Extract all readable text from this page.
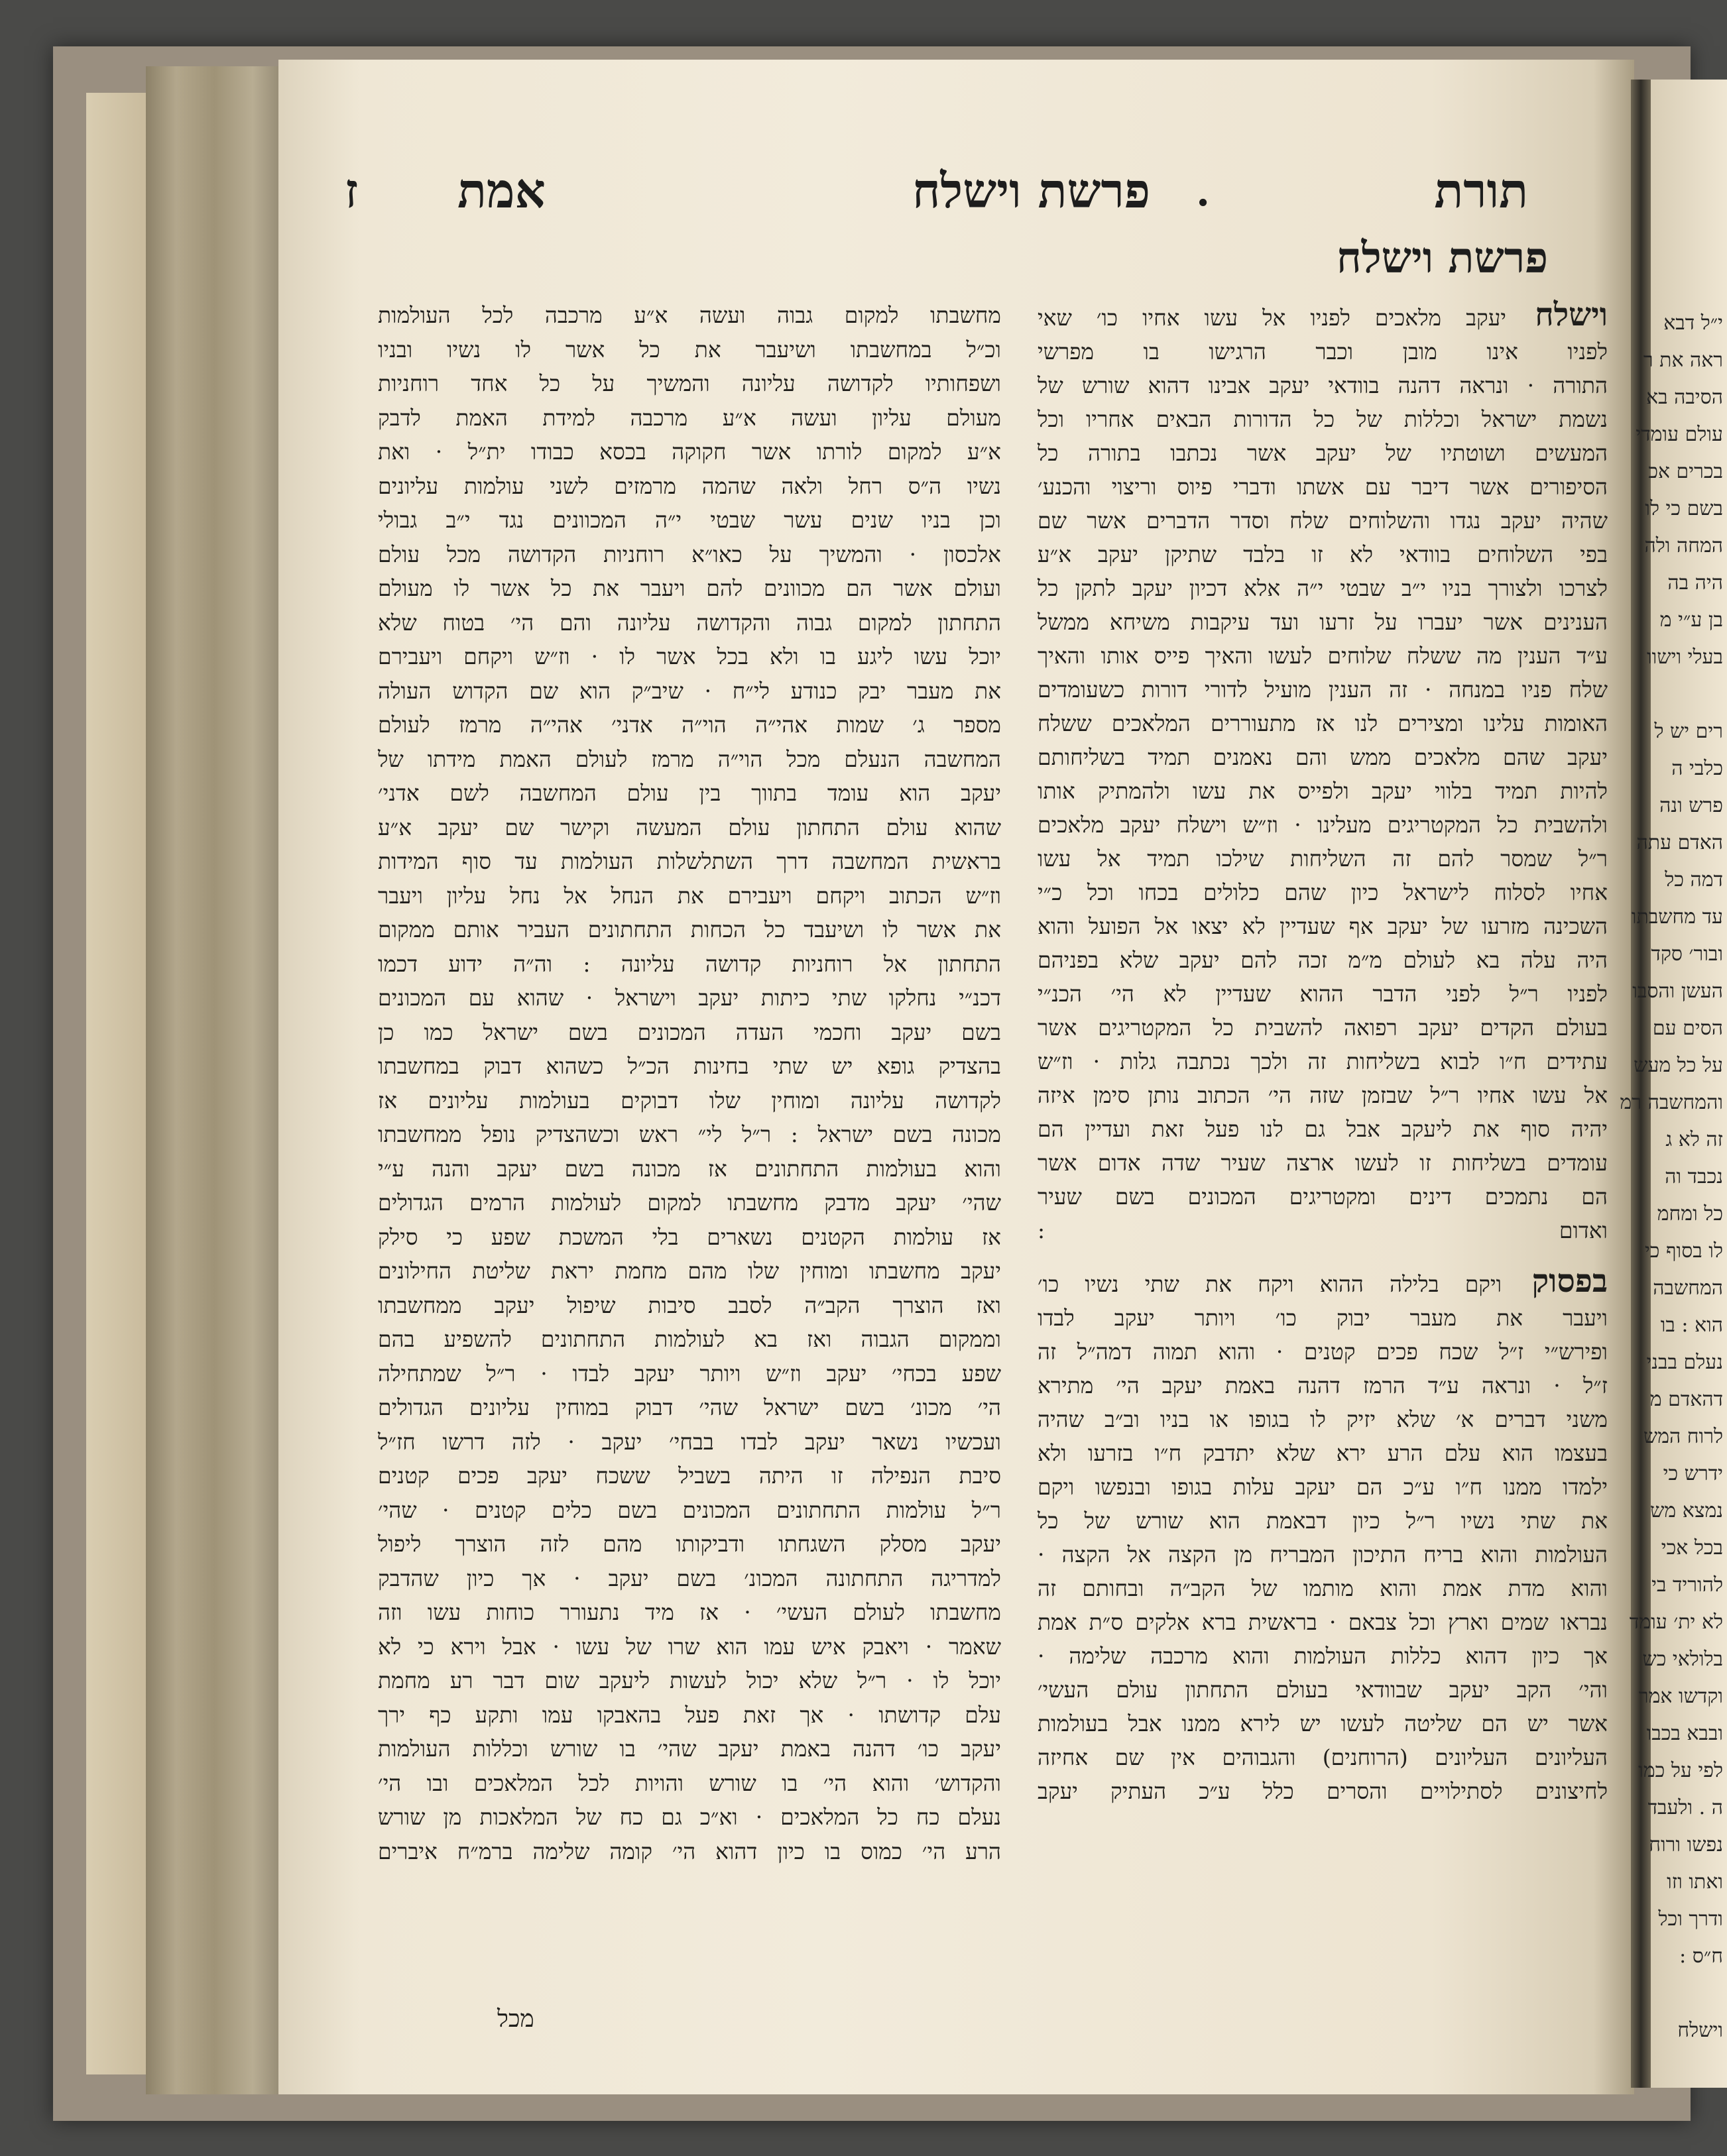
תורת
.
פרשת וישלח
אמת
ז
פרשת וישלח
וישלח יעקב מלאכים לפניו אל עשו אחיו כו׳ שאי
לפניו אינו מובן וכבר הרגישו בו מפרשי
התורה · ונראה דהנה בוודאי יעקב אבינו דהוא שורש של
נשמת ישראל וכללות של כל הדורות הבאים אחריו וכל
המעשים ושוטתיו של יעקב אשר נכתבו בתורה כל
הסיפורים אשר דיבר עם אשתו ודברי פיוס וריצוי והכנע׳
שהיה יעקב נגדו והשלוחים שלח וסדר הדברים אשר שם
בפי השלוחים בוודאי לא זו בלבד שתיקן יעקב א״ע
לצרכו ולצורך בניו י״ב שבטי י״ה אלא דכיון יעקב לתקן כל
הענינים אשר יעברו על זרעו ועד עיקבות משיחא ממשל
ע״ד הענין מה ששלח שלוחים לעשו והאיך פייס אותו והאיך
שלח פניו במנחה · זה הענין מועיל לדורי דורות כשעומדים
האומות עלינו ומצירים לנו אז מתעוררים המלאכים ששלח
יעקב שהם מלאכים ממש והם נאמנים תמיד בשליחותם
להיות תמיד בלווי יעקב ולפייס את עשו ולהמתיק אותו
ולהשבית כל המקטריגים מעלינו · וז״ש וישלח יעקב מלאכים
ר״ל שמסר להם זה השליחות שילכו תמיד אל עשו
אחיו לסלוח לישראל כיון שהם כלולים בכחו וכל כ״י
השכינה מזרעו של יעקב אף שעדיין לא יצאו אל הפועל והוא
היה עלה בא לעולם מ״מ זכה להם יעקב שלא בפניהם
לפניו ר״ל לפני הדבר ההוא שעדיין לא הי׳ הכנ״י
בעולם הקדים יעקב רפואה להשבית כל המקטריגים אשר
עתידים ח״ו לבוא בשליחות זה ולכך נכתבה גלות · וז״ש
אל עשו אחיו ר״ל שבזמן שזה הי׳ הכתוב נותן סימן איזה
יהיה סוף את ליעקב אבל גם לנו פעל זאת ועדיין הם
עומדים בשליחות זו לעשו ארצה שעיר שדה אדום אשר
הם נתמכים דינים ומקטריגים המכונים בשם שעיר
ואדום :
בפסוק ויקם בלילה ההוא ויקח את שתי נשיו כו׳
ויעבר את מעבר יבוק כו׳ ויותר יעקב לבדו
ופירש״י ז״ל שכח פכים קטנים · והוא תמוה דמה״ל זה
ז״ל · ונראה ע״ד הרמז דהנה באמת יעקב הי׳ מתירא
משני דברים א׳ שלא יזיק לו בגופו או בניו וב״ב שהיה
בעצמו הוא עלם הרע ירא שלא יתדבק ח״ו בזרעו ולא
ילמדו ממנו ח״ו ע״כ הם יעקב עלות בגופו ובנפשו ויקם
את שתי נשיו ר״ל כיון דבאמת הוא שורש של כל
העולמות והוא בריח התיכון המבריח מן הקצה אל הקצה ·
והוא מדת אמת והוא מותמו של הקב״ה ובחותם זה
נבראו שמים וארץ וכל צבאם · בראשית ברא אלקים ס״ת אמת
אך כיון דהוא כללות העולמות והוא מרכבה שלימה ·
והי׳ הקב יעקב שבוודאי בעולם התחתון עולם העשי׳
אשר יש הם שליטה לעשו יש לירא ממנו אבל בעולמות
העליונים העליונים (הרוחנים) והגבוהים אין שם אחיזה
לחיצונים לסתילויים והסרים כלל ע״כ העתיק יעקב
מחשבתו למקום גבוה ועשה א״ע מרכבה לכל העולמות
וכ״ל במחשבתו ושיעבר את כל אשר לו נשיו ובניו
ושפחותיו לקדושה עליונה והמשיך על כל אחד רוחניות
מעולם עליון ועשה א״ע מרכבה למידת האמת לדבק
א״ע למקום לורתו אשר חקוקה בכסא כבודו ית״ל · ואת
נשיו ה״ס רחל ולאה שהמה מרמזים לשני עולמות עליונים
וכן בניו שנים עשר שבטי י״ה המכוונים נגד י״ב גבולי
אלכסון · והמשיך על כאו״א רוחניות הקדושה מכל עולם
ועולם אשר הם מכוונים להם ויעבר את כל אשר לו מעולם
התחתון למקום גבוה והקדושה עליונה והם הי׳ בטוח שלא
יוכל עשו ליגע בו ולא בכל אשר לו · וז״ש ויקחם ויעבירם
את מעבר יבק כנודע לי״ח · שיב״ק הוא שם הקדוש העולה
מספר ג׳ שמות אהי״ה הוי״ה אדני׳ אהי״ה מרמז לעולם
המחשבה הנעלם מכל הוי״ה מרמז לעולם האמת מידתו של
יעקב הוא עומד בתווך בין עולם המחשבה לשם אדני׳
שהוא עולם התחתון עולם המעשה וקישר שם יעקב א״ע
בראשית המחשבה דרך השתלשלות העולמות עד סוף המידות
וז״ש הכתוב ויקחם ויעבירם את הנחל אל נחל עליון ויעבר
את אשר לו ושיעבד כל הכחות התחתונים העביר אותם ממקום
התחתון אל רוחניות קדושה עליונה : וה״ה ידוע דכמו
דכנ״י נחלקו שתי כיתות יעקב וישראל · שהוא עם המכונים
בשם יעקב וחכמי העדה המכונים בשם ישראל כמו כן
בהצדיק גופא יש שתי בחינות הכ״ל כשהוא דבוק במחשבתו
לקדושה עליונה ומוחין שלו דבוקים בעולמות עליונים אז
מכונה בשם ישראל : ר״ל לי״ ראש וכשהצדיק נופל ממחשבתו
והוא בעולמות התחתונים אז מכונה בשם יעקב והנה ע״י
שהי׳ יעקב מדבק מחשבתו למקום לעולמות הרמים הגדולים
אז עולמות הקטנים נשארים בלי המשכת שפע כי סילק
יעקב מחשבתו ומוחין שלו מהם מחמת יראת שליטת החילונים
ואז הוצרך הקב״ה לסבב סיבות שיפול יעקב ממחשבתו
וממקום הגבוה ואז בא לעולמות התחתונים להשפיע בהם
שפע בכחי׳ יעקב וז״ש ויותר יעקב לבדו · ר״ל שמתחילה
הי׳ מכונ׳ בשם ישראל שהי׳ דבוק במוחין עליונים הגדולים
ועכשיו נשאר יעקב לבדו בבחי׳ יעקב · לזה דרשו חז״ל
סיבת הנפילה זו היתה בשביל ששכח יעקב פכים קטנים
ר״ל עולמות התחתונים המכונים בשם כלים קטנים · שהי׳
יעקב מסלק השגחתו ודביקותו מהם לזה הוצרך ליפול
למדריגה התחתונה המכונ׳ בשם יעקב · אך כיון שהדבק
מחשבתו לעולם העשי׳ · אז מיד נתעורר כוחות עשו וזה
שאמר · ויאבק איש עמו הוא שרו של עשו · אבל וירא כי לא
יוכל לו · ר״ל שלא יכול לעשות ליעקב שום דבר רע מחמת
עלם קדושתו · אך זאת פעל בהאבקו עמו ותקע כף ירך
יעקב כו׳ דהנה באמת יעקב שהי׳ בו שורש וכללות העולמות
והקדוש׳ והוא הי׳ בו שורש והויות לכל המלאכים ובו הי׳
נעלם כח כל המלאכים · וא״כ גם כח של המלאכות מן שורש
הרע הי׳ כמוס בו כיון דהוא הי׳ קומה שלימה ברמ״ח איברים
מכל
י״ל דבא
ראה את ר
הסיבה בא
עולם עומדי
בכרים אכ
בשם כי לו
המחה ולה
היה בה
בן ע״י מ
בעלי וישוו

רים יש ל
כלבי ה
פרש ונה
האדם עתה
דמה כל
עד מחשבתו
ובור׳ סקד
העשן והסבו
הסים עם
על כל מעש
והמחשבה רמ
זה לא ג
נכבד וה
כל ומחמ
לו בסוף כי
המחשבה
הוא : בו
נעלם בבני
דהאדם מ
לרוח המש
ידרש כי
נמצא מש
בכל אכי
להוריד בי
לא ית׳ עומד
בלולאי כש
וקדשו אמר
ובבא בכבו
לפי על כמו
ה . ולעבד
נפשו ורוח
ואתו וזו
ודרך וכל
ח״ס :

וישלח
